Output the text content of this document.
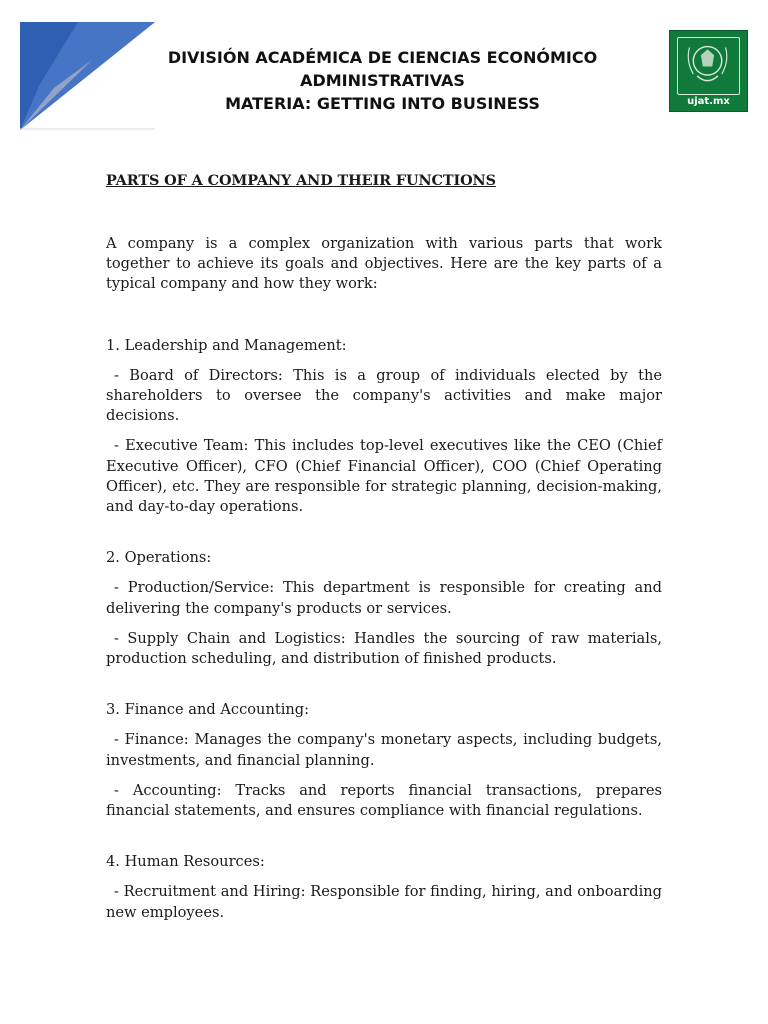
DIVISIÓN ACADÉMICA DE CIENCIAS ECONÓMICO
ADMINISTRATIVAS
MATERIA: GETTING INTO BUSINESS	ujat.mx
PARTS OF A COMPANY AND THEIR FUNCTIONS
A company is a complex organization with various parts that work together to achieve its goals and objectives. Here are the key parts of a typical company and how they work:
1. Leadership and Management:
- Board of Directors: This is a group of individuals elected by the shareholders to oversee the company's activities and make major decisions.
- Executive Team: This includes top-level executives like the CEO (Chief Executive Officer), CFO (Chief Financial Officer), COO (Chief Operating Officer), etc. They are responsible for strategic planning, decision-making, and day-to-day operations.
2. Operations:
- Production/Service: This department is responsible for creating and delivering the company's products or services.
- Supply Chain and Logistics: Handles the sourcing of raw materials, production scheduling, and distribution of finished products.
3. Finance and Accounting:
- Finance: Manages the company's monetary aspects, including budgets, investments, and financial planning.
- Accounting: Tracks and reports financial transactions, prepares financial statements, and ensures compliance with financial regulations.
4. Human Resources:
- Recruitment and Hiring: Responsible for finding, hiring, and onboarding new employees.
